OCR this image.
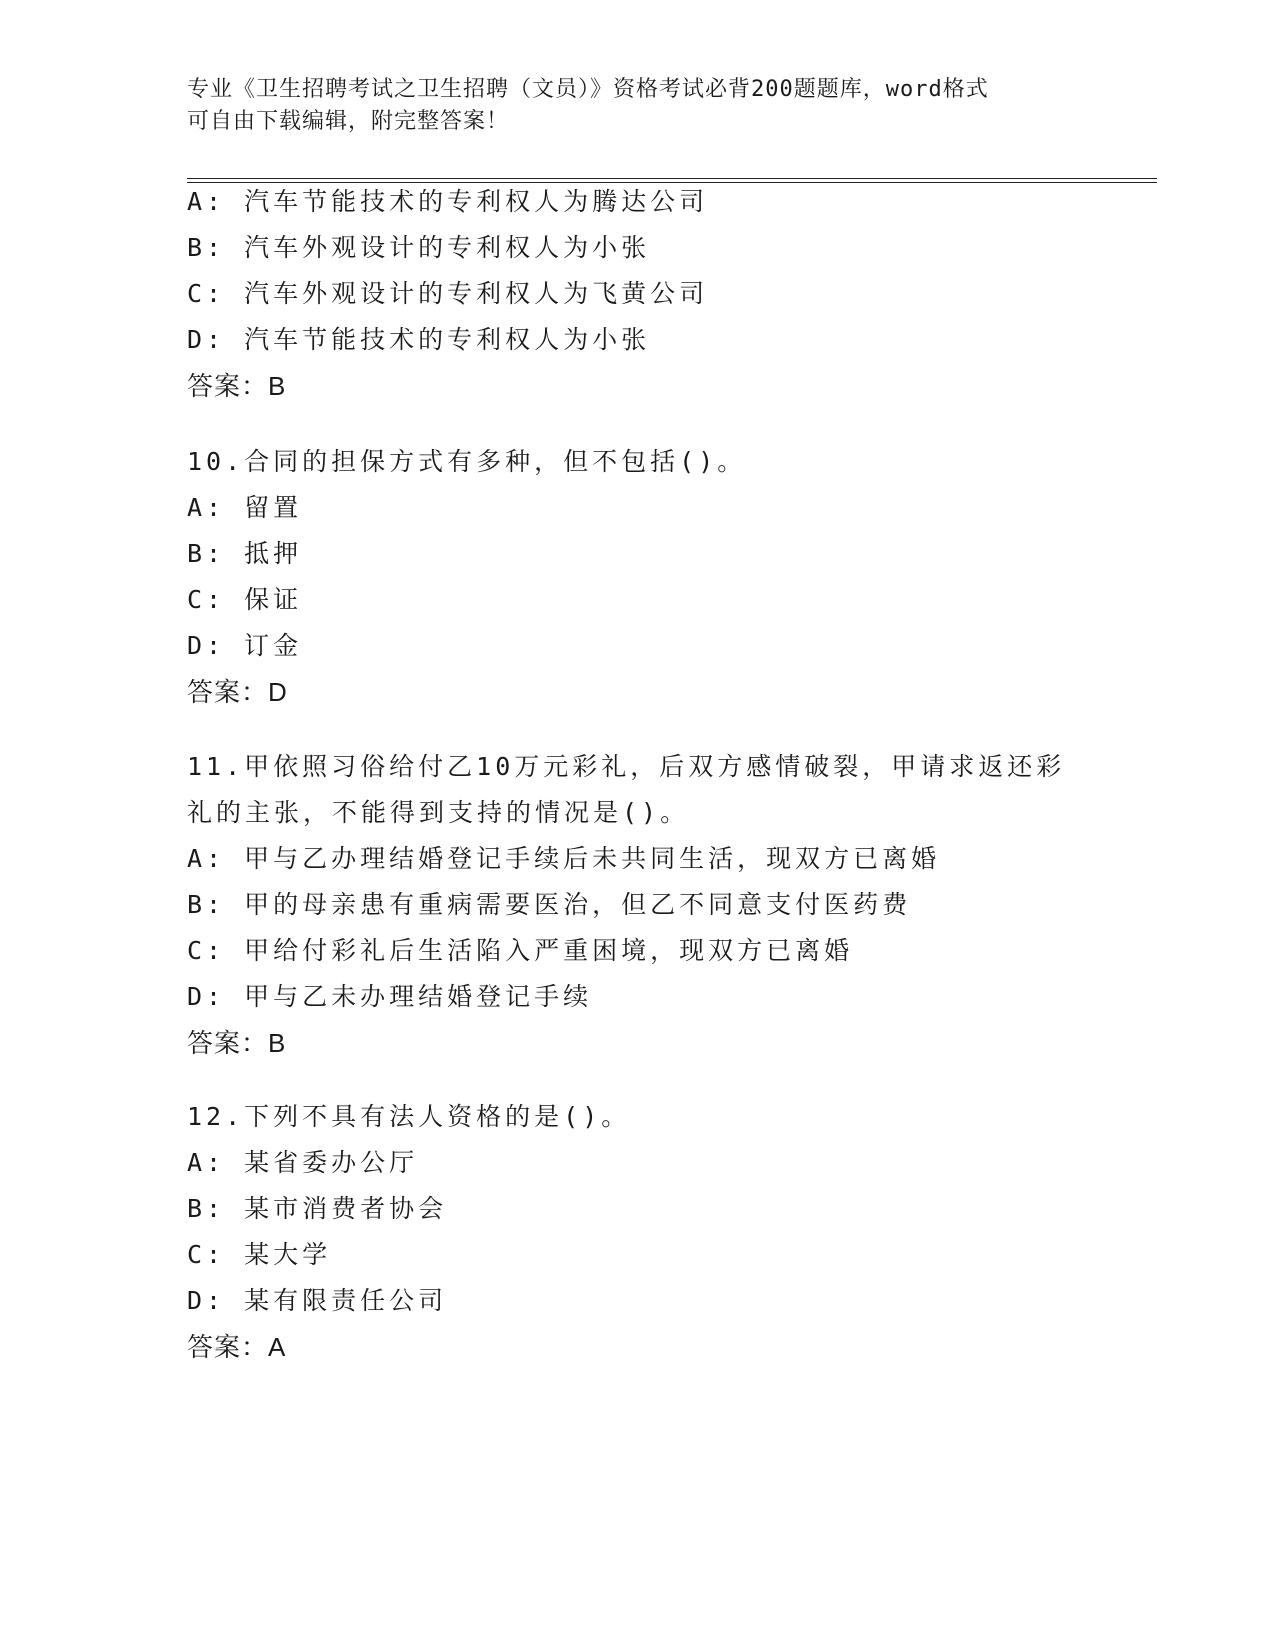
专业《卫生招聘考试之卫生招聘（文员）》资格考试必背200题题库，word格式
可自由下载编辑，附完整答案！
A: 汽车节能技术的专利权人为腾达公司
B: 汽车外观设计的专利权人为小张
C: 汽车外观设计的专利权人为飞黄公司
D: 汽车节能技术的专利权人为小张
答案：B
10.合同的担保方式有多种，但不包括()。
A: 留置
B: 抵押
C: 保证
D: 订金
答案：D
11.甲依照习俗给付乙10万元彩礼，后双方感情破裂，甲请求返还彩礼的主张，不能得到支持的情况是()。
A: 甲与乙办理结婚登记手续后未共同生活，现双方已离婚
B: 甲的母亲患有重病需要医治，但乙不同意支付医药费
C: 甲给付彩礼后生活陷入严重困境，现双方已离婚
D: 甲与乙未办理结婚登记手续
答案：B
12.下列不具有法人资格的是()。
A: 某省委办公厅
B: 某市消费者协会
C: 某大学
D: 某有限责任公司
答案：A
